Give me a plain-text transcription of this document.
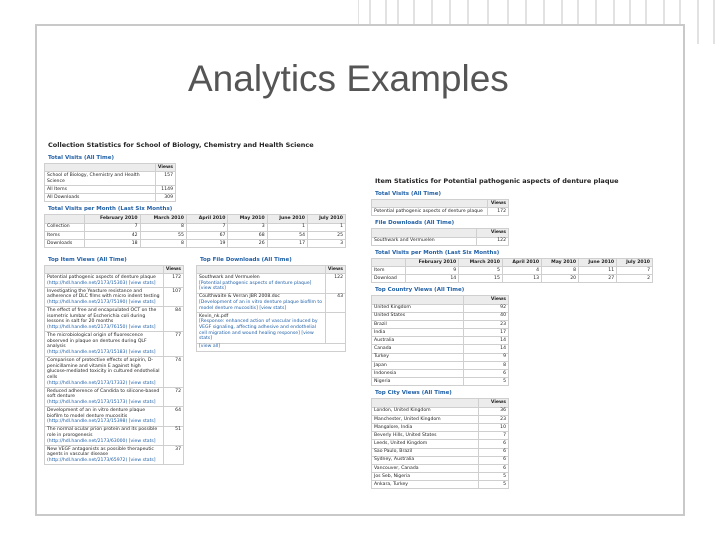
Analytics Examples
Collection Statistics for School of Biology, Chemistry and Health Science
Total Visits (All Time)
	Views
School of Biology, Chemistry and Health Science	157
All Items	1149
All Downloads	309
Total Visits per Month (Last Six Months)
	February 2010	March 2010	April 2010	May 2010	June 2010	July 2010
Collection	7	8	7	3	1	1
Items	42	55	67	68	54	25
Downloads	18	8	19	26	17	3
Top Item Views (All Time)
	Views
Potential pathogenic aspects of denture plaque
(http://hdl.handle.net/2173/15303) [view stats]	172
Investigating the Yeasture resistance and adherence of DLC films with micro indent testing
(http://hdl.handle.net/2173/75190) [view stats]	107
The effect of free and encapsulated OCT on the isometric lumbar of Escherichia coli during lessons in salt for 20 months
(http://hdl.handle.net/2173/76150) [view stats]	84
The microbiological origin of fluorescence observed in plaque on dentures during QLF analysis
(http://hdl.handle.net/2173/15183) [view stats]	77
Comparison of protective effects of aspirin, D-penicillamine and vitamin E against high glucose-mediated toxicity in cultured endothelial cells
(http://hdl.handle.net/2173/17332) [view stats]	74
Reduced adherence of Candida to silicone-based soft denture
(http://hdl.handle.net/2173/15173) [view stats]	72
Development of an in vitro denture plaque biofilm to model denture mucositis
(http://hdl.handle.net/2173/15398) [view stats]	64
The normal ocular prion protein and its possible role in prorogenesis
(http://hdl.handle.net/2173/63000) [view stats]	51
New VEGF antagonists as possible therapeutic agents in vascular disease
(http://hdl.handle.net/2173/65972) [view stats]	37
Top File Downloads (All Time)
	Views
Southwark and Vermuelen
[Potential pathogenic aspects of denture plaque] [view stats]	122
Coulthwaite & Verran JBR 2008.doc
[Development of an in vitro denture plaque biofilm to model denture mucositis] [view stats]	43
Kevin_nk.pdf
[Response: enhanced action of vascular induced by VEGF signaling, affecting adhesive and endothelial cell migration and wound healing response] [view stats]	
[view all]	
Item Statistics for Potential pathogenic aspects of denture plaque
Total Visits (All Time)
	Views
Potential pathogenic aspects of denture plaque	172
File Downloads (All Time)
	Views
Southwark and Vermuelen	122
Total Visits per Month (Last Six Months)
	February 2010	March 2010	April 2010	May 2010	June 2010	July 2010
Item	9	5	4	8	11	7
Download	14	15	13	20	27	2
Top Country Views (All Time)
	Views
United Kingdom	92
United States	40
Brazil	23
India	17
Australia	14
Canada	14
Turkey	9
Japan	8
Indonesia	6
Nigeria	5
Top City Views (All Time)
	Views
London, United Kingdom	36
Manchester, United Kingdom	23
Mangalore, India	10
Beverly Hills, United States	7
Leeds, United Kingdom	6
Sao Paulo, Brazil	6
Sydney, Australia	6
Vancouver, Canada	6
Jos Seb, Nigeria	5
Ankara, Turkey	5
